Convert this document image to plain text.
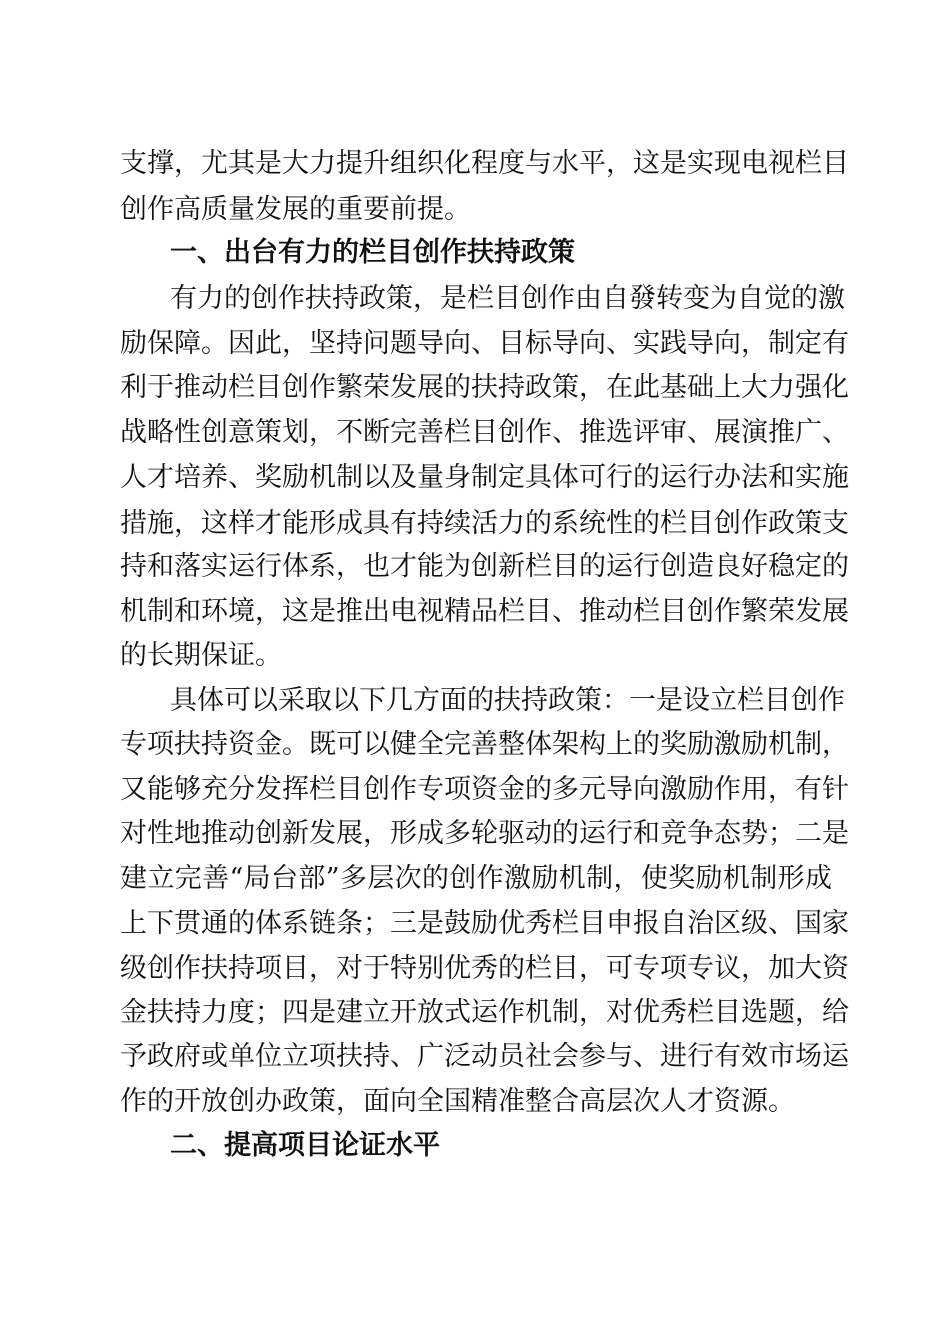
支撑，尤其是大力提升组织化程度与水平，这是实现电视栏目
创作高质量发展的重要前提。
一、出台有力的栏目创作扶持政策
有力的创作扶持政策，是栏目创作由自發转变为自觉的激
励保障。因此，坚持问题导向、目标导向、实践导向，制定有
利于推动栏目创作繁荣发展的扶持政策，在此基础上大力强化
战略性创意策划，不断完善栏目创作、推选评审、展演推广、
人才培养、奖励机制以及量身制定具体可行的运行办法和实施
措施，这样才能形成具有持续活力的系统性的栏目创作政策支
持和落实运行体系，也才能为创新栏目的运行创造良好稳定的
机制和环境，这是推出电视精品栏目、推动栏目创作繁荣发展
的长期保证。
具体可以采取以下几方面的扶持政策：一是设立栏目创作
专项扶持资金。既可以健全完善整体架构上的奖励激励机制，
又能够充分发挥栏目创作专项资金的多元导向激励作用，有针
对性地推动创新发展，形成多轮驱动的运行和竞争态势；二是
建立完善“局台部”多层次的创作激励机制，使奖励机制形成
上下贯通的体系链条；三是鼓励优秀栏目申报自治区级、国家
级创作扶持项目，对于特别优秀的栏目，可专项专议，加大资
金扶持力度；四是建立开放式运作机制，对优秀栏目选题，给
予政府或单位立项扶持、广泛动员社会参与、进行有效市场运
作的开放创办政策，面向全国精准整合高层次人才资源。
二、提高项目论证水平
